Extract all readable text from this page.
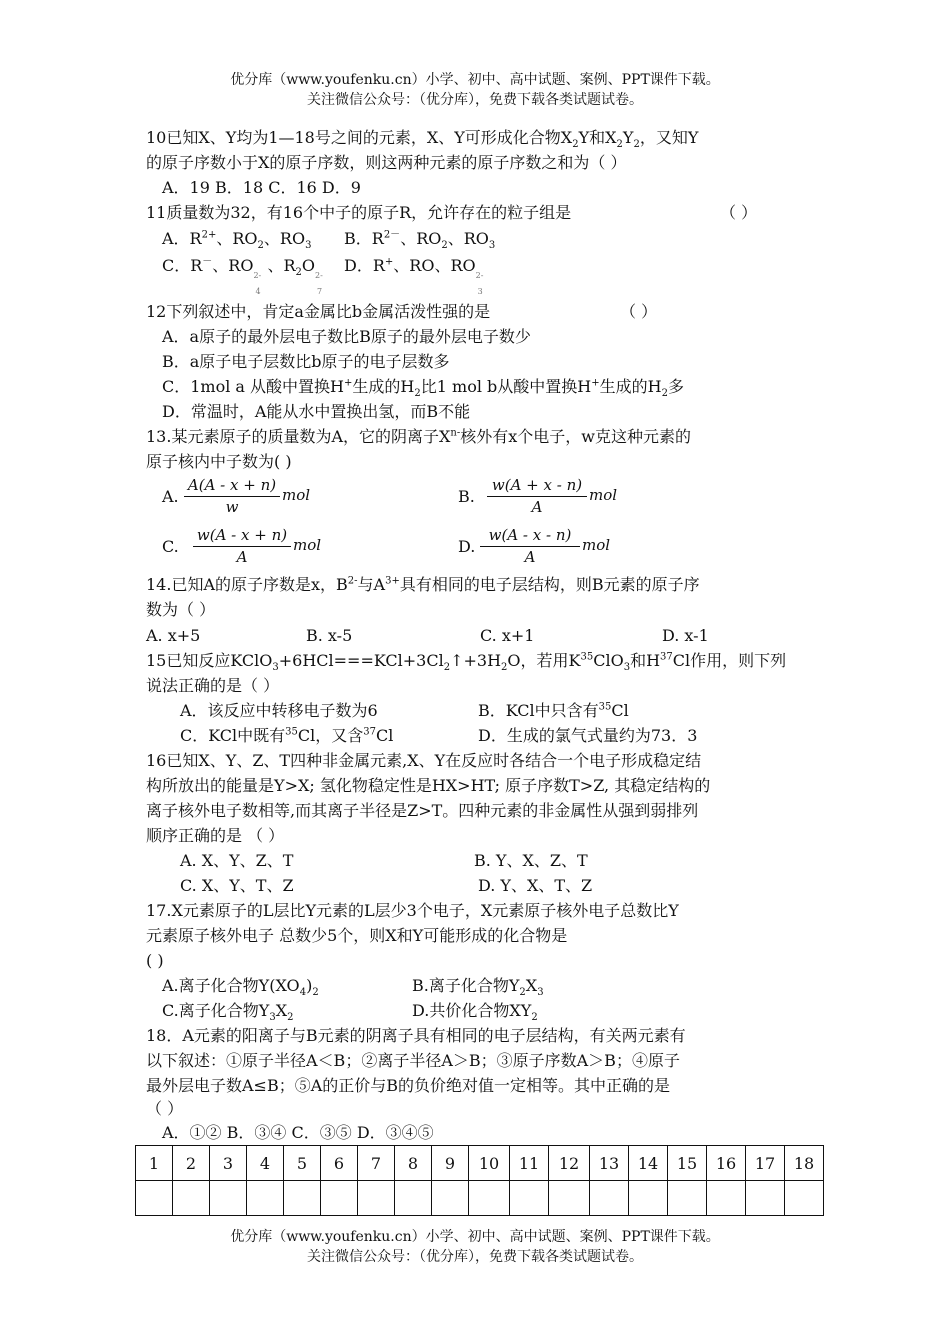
优分库（www.youfenku.cn）小学、初中、高中试题、案例、PPT课件下载。
关注微信公众号：（优分库），免费下载各类试题试卷。
10已知X、Y均为1—18号之间的元素，X、Y可形成化合物$X_2Y$和$X_2Y_2$，又知Y
的原子序数小于X的原子序数，则这两种元素的原子序数之和为（ ）
A．19 B．18 C．16 D．9
11质量数为32，有16个中子的原子R，允许存在的粒子组是	（ ）
A．$R^{2+}$、$RO_2$、$RO_3$ B．$R^{2-}$、$RO_2$、$RO_3$
C．R－、RO
2-
4
、$R_2O$
2-
7
D．R+、RO、RO
2-
3
12下列叙述中，肯定a金属比b金属活泼性强的是	（ ）
A．a原子的最外层电子数比B原子的最外层电子数少
B．a原子电子层数比b原子的电子层数多
C．1mol a 从酸中置换H+生成的$H_2$比1 mol b从酸中置换H+生成的$H_2$多
D．常温时，A能从水中置换出氢，而B不能
13.某元素原子的质量数为A，它的阴离子$X^{n-}$核外有x个电子，w克这种元素的
原子核内中子数为( )
A.
A(A - x + n)
w
mol	B.
w(A + x - n)
A
mol
C.
w(A - x + n)
A
mol	D.
w(A - x - n)
A
mol
14.已知A的原子序数是x，$B^{2-}$与$A^{3+}$具有相同的电子层结构，则B元素的原子序
数为（ ）
A. x+5	B. x-5	C. x+1	D. x-1
15已知反应$KClO_3+6HCl===KCl+3Cl_2↑+3H_2O$，若用$K^{35}ClO_3$和$H^{37}Cl$作用，则下列
说法正确的是（ ）
A．该反应中转移电子数为6	B．KCl中只含有$^{35}$Cl
C．KCl中既有$^{35}$Cl，又含$^{37}$Cl	D．生成的氯气式量约为73．3
16已知X、Y、Z、T四种非金属元素,X、Y在反应时各结合一个电子形成稳定结
构所放出的能量是Y>X; 氢化物稳定性是HX>HT; 原子序数T>Z, 其稳定结构的
离子核外电子数相等,而其离子半径是Z>T。四种元素的非金属性从强到弱排列
顺序正确的是 （ ）
A. X、Y、Z、T	B. Y、X、Z、T
C. X、Y、T、Z	D. Y、X、T、Z
17.X元素原子的L层比Y元素的L层少3个电子，X元素原子核外电子总数比Y
元素原子核外电子 总数少5个，则X和Y可能形成的化合物是
( )
A.离子化合物$Y(XO_4)_2$	B.离子化合物$Y_2X_3$
C.离子化合物$Y_3X_2$	D.共价化合物$XY_2$
18．A元素的阳离子与B元素的阴离子具有相同的电子层结构，有关两元素有
以下叙述：①原子半径A＜B；②离子半径A＞B；③原子序数A＞B；④原子
最外层电子数A≤B；⑤A的正价与B的负价绝对值一定相等。其中正确的是
（ ）
A．①② B．③④ C．③⑤ D．③④⑤
1	2	3	4	5	6	7	8	9	10	11	12	13	14	15	16	17	18

优分库（www.youfenku.cn）小学、初中、高中试题、案例、PPT课件下载。
关注微信公众号：（优分库），免费下载各类试题试卷。
